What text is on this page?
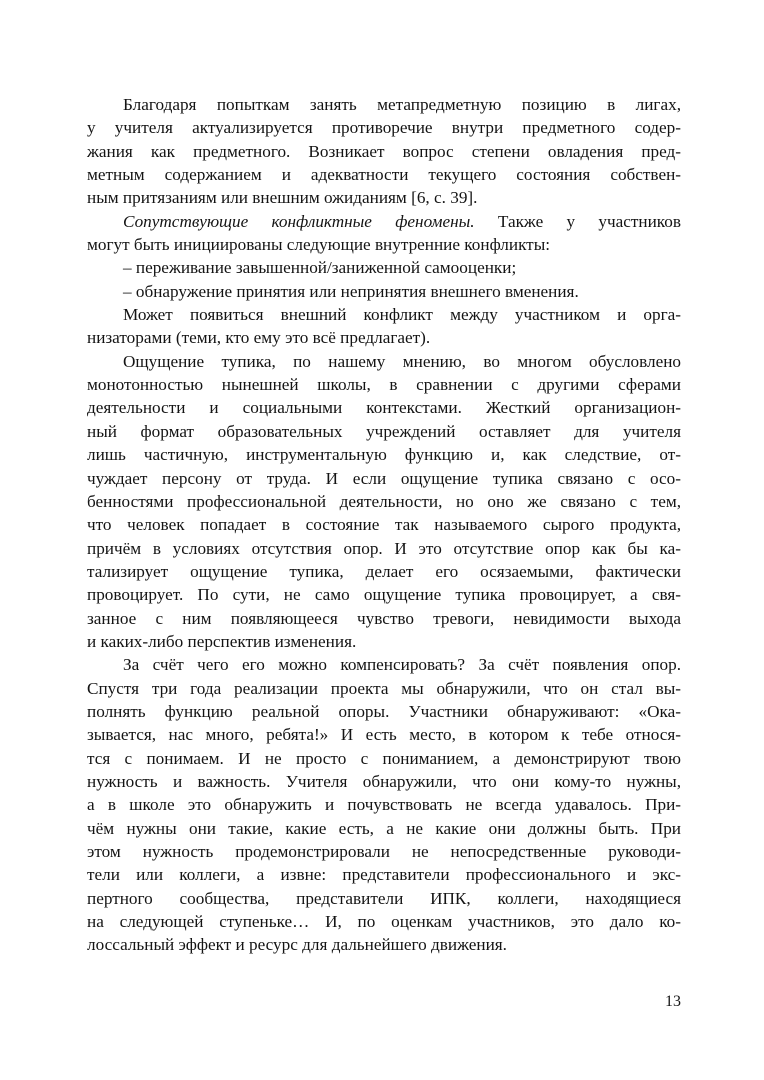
Благодаря попыткам занять метапредметную позицию в лигах,
у учителя актуализируется противоречие внутри предметного содер-
жания как предметного. Возникает вопрос степени овладения пред-
метным содержанием и адекватности текущего состояния собствен-
ным притязаниям или внешним ожиданиям [6, с. 39].
Сопутствующие конфликтные феномены. Также у участников
могут быть инициированы следующие внутренние конфликты:
– переживание завышенной/заниженной самооценки;
– обнаружение принятия или непринятия внешнего вменения.
Может появиться внешний конфликт между участником и орга-
низаторами (теми, кто ему это всё предлагает).
Ощущение тупика, по нашему мнению, во многом обусловлено
монотонностью нынешней школы, в сравнении с другими сферами
деятельности и социальными контекстами. Жесткий организацион-
ный формат образовательных учреждений оставляет для учителя
лишь частичную, инструментальную функцию и, как следствие, от-
чуждает персону от труда. И если ощущение тупика связано с осо-
бенностями профессиональной деятельности, но оно же связано с тем,
что человек попадает в состояние так называемого сырого продукта,
причём в условиях отсутствия опор. И это отсутствие опор как бы ка-
тализирует ощущение тупика, делает его осязаемыми, фактически
провоцирует. По сути, не само ощущение тупика провоцирует, а свя-
занное с ним появляющееся чувство тревоги, невидимости выхода
и каких-либо перспектив изменения.
За счёт чего его можно компенсировать? За счёт появления опор.
Спустя три года реализации проекта мы обнаружили, что он стал вы-
полнять функцию реальной опоры. Участники обнаруживают: «Ока-
зывается, нас много, ребята!» И есть место, в котором к тебе относя-
тся с понимаем. И не просто с пониманием, а демонстрируют твою
нужность и важность. Учителя обнаружили, что они кому-то нужны,
а в школе это обнаружить и почувствовать не всегда удавалось. При-
чём нужны они такие, какие есть, а не какие они должны быть. При
этом нужность продемонстрировали не непосредственные руководи-
тели или коллеги, а извне: представители профессионального и экс-
пертного сообщества, представители ИПК, коллеги, находящиеся
на следующей ступеньке… И, по оценкам участников, это дало ко-
лоссальный эффект и ресурс для дальнейшего движения.
13
